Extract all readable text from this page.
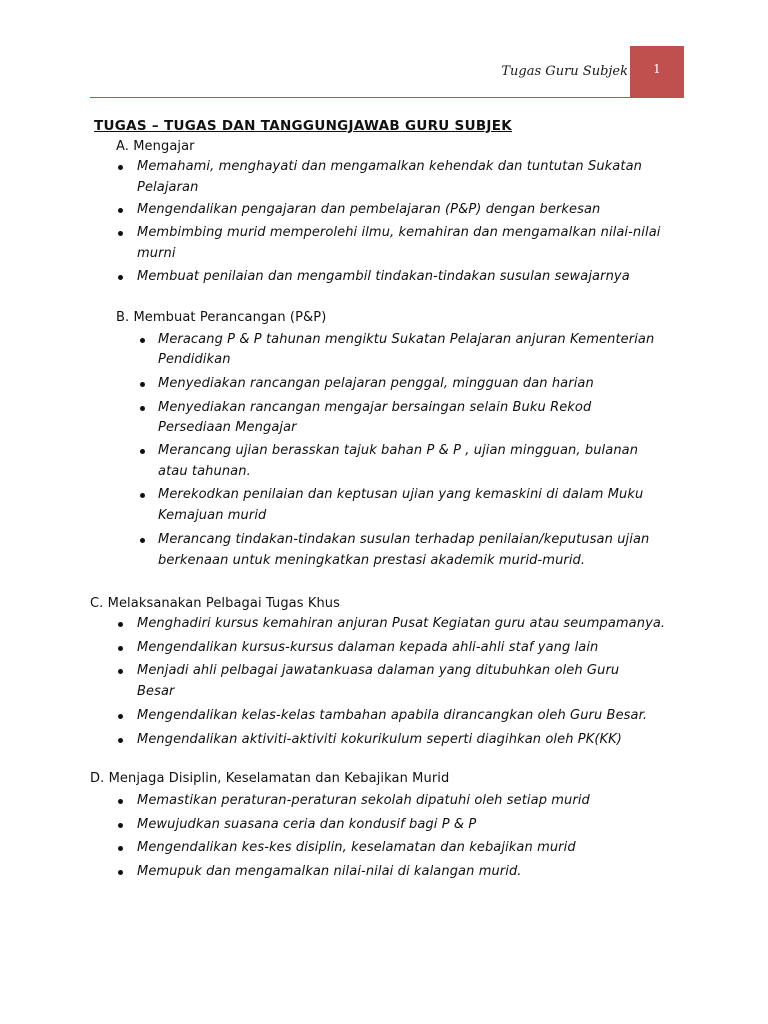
Tugas Guru Subjek 1
TUGAS – TUGAS DAN TANGGUNGJAWAB GURU SUBJEK
A. Mengajar
Memahami, menghayati dan mengamalkan kehendak dan tuntutan Sukatan
Pelajaran
Mengendalikan pengajaran dan pembelajaran (P&P) dengan berkesan
Membimbing murid memperolehi ilmu, kemahiran dan mengamalkan nilai-nilai
murni
Membuat penilaian dan mengambil tindakan-tindakan susulan sewajarnya
B. Membuat Perancangan (P&P)
Meracang P & P tahunan mengiktu Sukatan Pelajaran anjuran Kementerian
Pendidikan
Menyediakan rancangan pelajaran penggal, mingguan dan harian
Menyediakan rancangan mengajar bersaingan selain Buku Rekod
Persediaan Mengajar
Merancang ujian berasskan tajuk bahan P & P , ujian mingguan, bulanan
atau tahunan.
Merekodkan penilaian dan keptusan ujian yang kemaskini di dalam Muku
Kemajuan murid
Merancang tindakan-tindakan susulan terhadap penilaian/keputusan ujian
berkenaan untuk meningkatkan prestasi akademik murid-murid.
C. Melaksanakan Pelbagai Tugas Khus
Menghadiri kursus kemahiran anjuran Pusat Kegiatan guru atau seumpamanya.
Mengendalikan kursus-kursus dalaman kepada ahli-ahli staf yang lain
Menjadi ahli pelbagai jawatankuasa dalaman yang ditubuhkan oleh Guru
Besar
Mengendalikan kelas-kelas tambahan apabila dirancangkan oleh Guru Besar.
Mengendalikan aktiviti-aktiviti kokurikulum seperti diagihkan oleh PK(KK)
D. Menjaga Disiplin, Keselamatan dan Kebajikan Murid
Memastikan peraturan-peraturan sekolah dipatuhi oleh setiap murid
Mewujudkan suasana ceria dan kondusif bagi P & P
Mengendalikan kes-kes disiplin, keselamatan dan kebajikan murid
Memupuk dan mengamalkan nilai-nilai di kalangan murid.
